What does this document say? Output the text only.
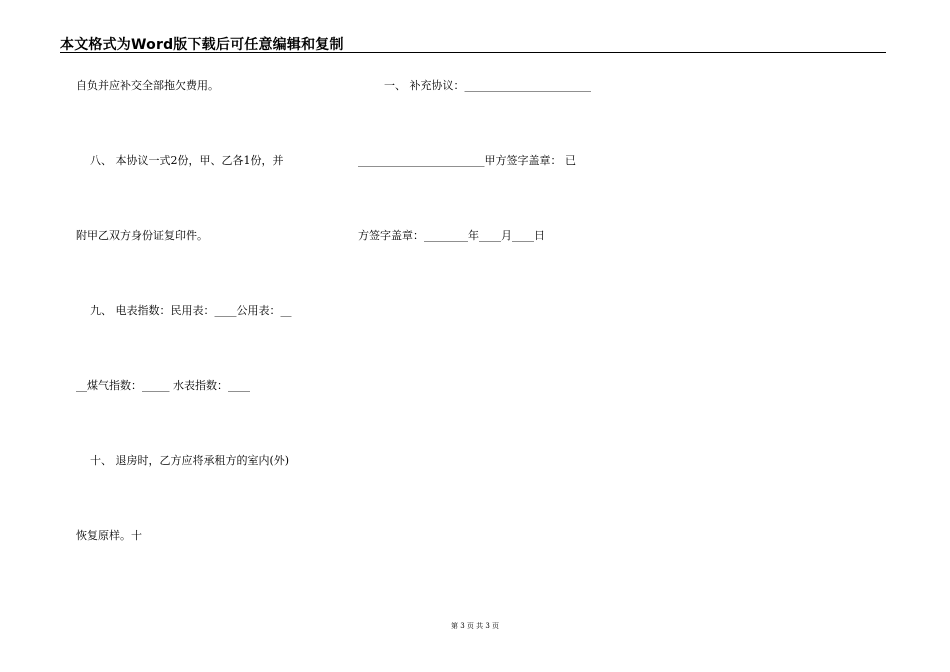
本文格式为Word版下载后可任意编辑和复制
自负并应补交全部拖欠费用。
八、 本协议一式2份，甲、乙各1份，并
附甲乙双方身份证复印件。
九、 电表指数：民用表：____公用表：__
__煤气指数：_____ 水表指数：____
十、 退房时，乙方应将承租方的室内(外)
恢复原样。十
一、 补充协议：_______________________
_______________________甲方签字盖章： 已
方签字盖章：________年____月____日
第 3 页 共 3 页
